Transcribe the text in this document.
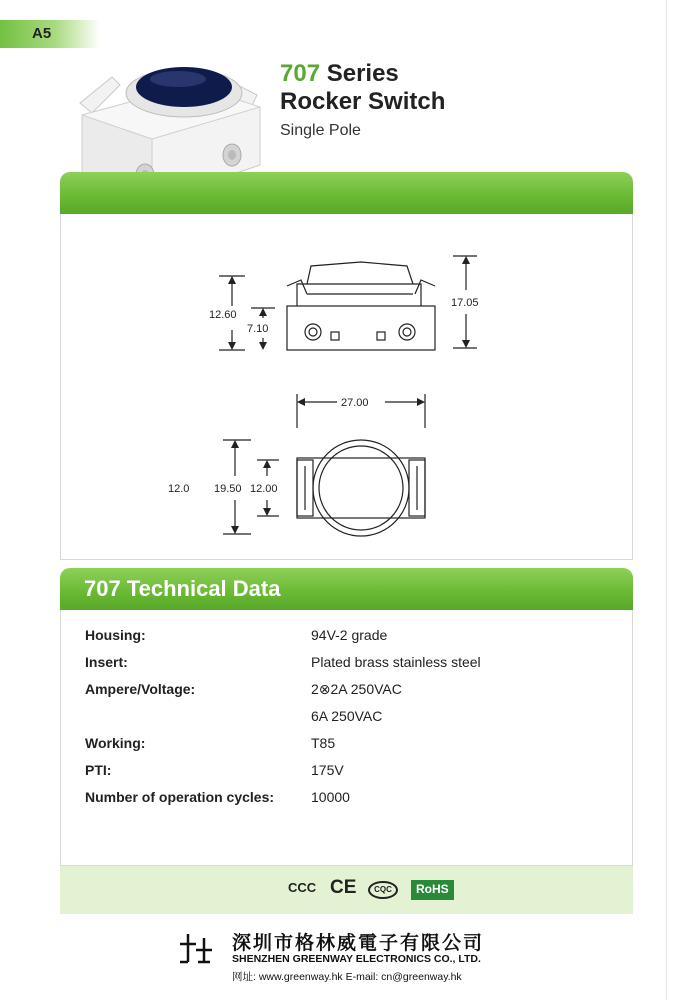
A5
707 Series
Rocker Switch
Single Pole
12.60
7.10
17.05
27.00
12.0 19.50 12.00
707 Technical Data
Housing:	94V-2 grade
Insert:	Plated brass stainless steel
Ampere/Voltage:	2⊗2A 250VAC
6A 250VAC
Working:	T85
PTI:	175V
Number of operation cycles:	10000
CCC CE	CQC	RoHS
深圳市格林威電子有限公司
SHENZHEN GREENWAY ELECTRONICS CO., LTD.
网址: www.greenway.hk E-mail: cn@greenway.hk
